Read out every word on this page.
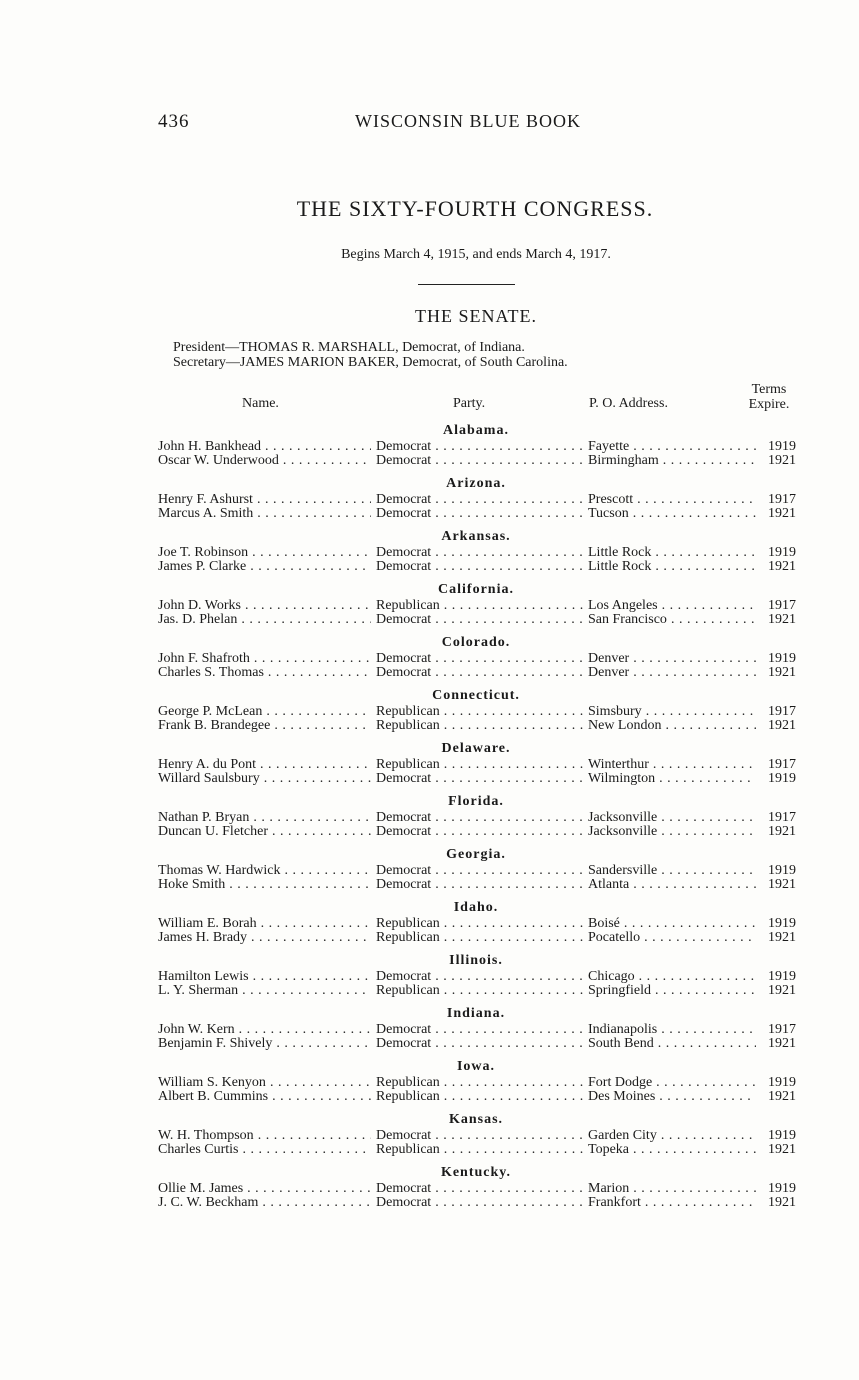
436	WISCONSIN BLUE BOOK
THE SIXTY-FOURTH CONGRESS.
Begins March 4, 1915, and ends March 4, 1917.
THE SENATE.
President—THOMAS R. MARSHALL, Democrat, of Indiana.
Secretary—JAMES MARION BAKER, Democrat, of South Carolina.
Name.	Party.	P. O. Address.
Terms
Expire.
Alabama.
John H. Bankhead . . .	Democrat . . .	Fayette . . .	1919
Oscar W. Underwood . . .	Democrat . . .	Birmingham . . .	1921
Arizona.
Henry F. Ashurst . . .	Democrat . . .	Prescott . . .	1917
Marcus A. Smith . . .	Democrat . . .	Tucson . . .	1921
Arkansas.
Joe T. Robinson . . .	Democrat . . .	Little Rock . . .	1919
James P. Clarke . . .	Democrat . . .	Little Rock . . .	1921
California.
John D. Works . . .	Republican . . .	Los Angeles . . .	1917
Jas. D. Phelan . . .	Democrat . . .	San Francisco . . .	1921
Colorado.
John F. Shafroth . . .	Democrat . . .	Denver . . .	1919
Charles S. Thomas . . .	Democrat . . .	Denver . . .	1921
Connecticut.
George P. McLean . . .	Republican . . .	Simsbury . . .	1917
Frank B. Brandegee . . .	Republican . . .	New London . . .	1921
Delaware.
Henry A. du Pont . . .	Republican . . .	Winterthur . . .	1917
Willard Saulsbury . . .	Democrat . . .	Wilmington . . .	1919
Florida.
Nathan P. Bryan . . .	Democrat . . .	Jacksonville . . .	1917
Duncan U. Fletcher . . .	Democrat . . .	Jacksonville . . .	1921
Georgia.
Thomas W. Hardwick . . .	Democrat . . .	Sandersville . . .	1919
Hoke Smith . . .	Democrat . . .	Atlanta . . .	1921
Idaho.
William E. Borah . . .	Republican . . .	Boisé . . .	1919
James H. Brady . . .	Republican . . .	Pocatello . . .	1921
Illinois.
Hamilton Lewis . . .	Democrat . . .	Chicago . . .	1919
L. Y. Sherman . . .	Republican . . .	Springfield . . .	1921
Indiana.
John W. Kern . . .	Democrat . . .	Indianapolis . . .	1917
Benjamin F. Shively . . .	Democrat . . .	South Bend . . .	1921
Iowa.
William S. Kenyon . . .	Republican . . .	Fort Dodge . . .	1919
Albert B. Cummins . . .	Republican . . .	Des Moines . . .	1921
Kansas.
W. H. Thompson . . .	Democrat . . .	Garden City . . .	1919
Charles Curtis . . .	Republican . . .	Topeka . . .	1921
Kentucky.
Ollie M. James . . .	Democrat . . .	Marion . . .	1919
J. C. W. Beckham . . .	Democrat . . .	Frankfort . . .	1921
